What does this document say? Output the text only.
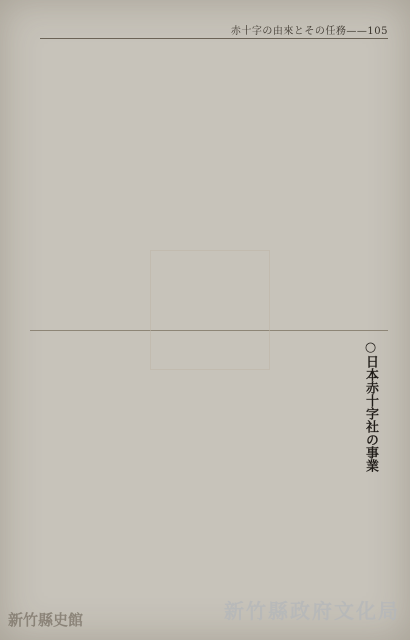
赤十字の由來とその任務——105
○日本赤十字社の事業
新竹縣政府文化局
新竹縣史館
